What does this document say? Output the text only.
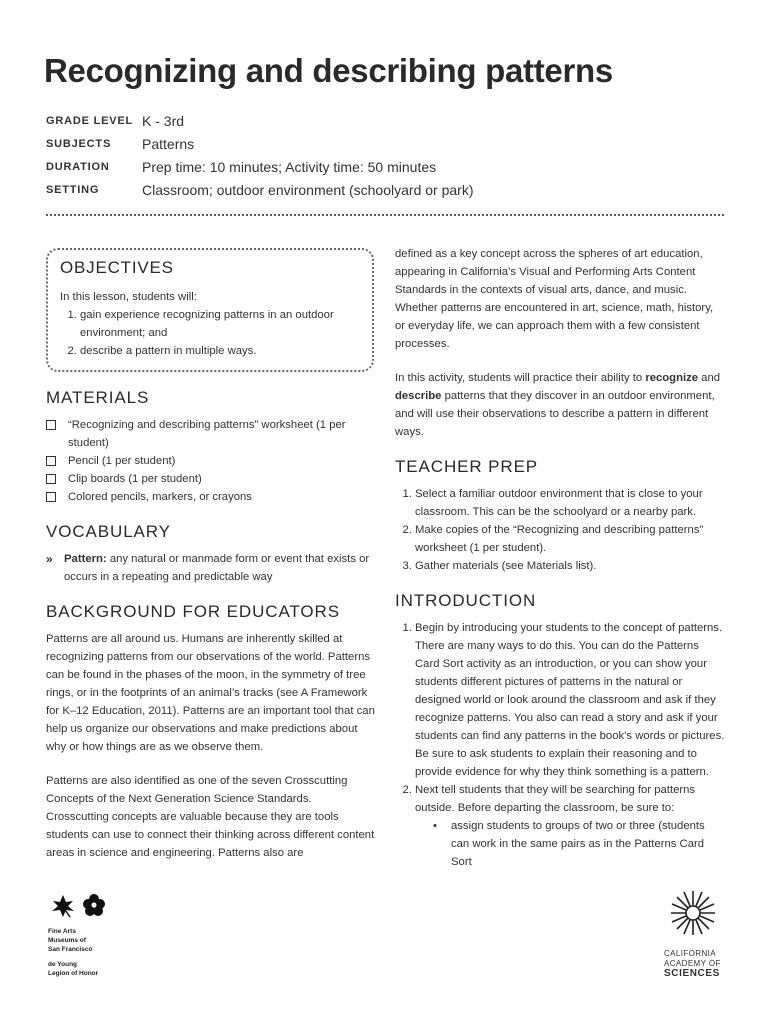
Recognizing and describing patterns
GRADE LEVEL K - 3rd
SUBJECTS	Patterns
DURATION	Prep time: 10 minutes; Activity time: 50 minutes
SETTING	Classroom; outdoor environment (schoolyard or park)
OBJECTIVES

In this lesson, students will:

1. gain experience recognizing patterns in an outdoor environment; and
2. describe a pattern in multiple ways.
MATERIALS
“Recognizing and describing patterns” worksheet (1 per student)
Pencil (1 per student)
Clip boards (1 per student)
Colored pencils, markers, or crayons
VOCABULARY
» Pattern: any natural or manmade form or event that exists or occurs in a repeating and predictable way
BACKGROUND FOR EDUCATORS

Patterns are all around us. Humans are inherently skilled at recognizing patterns from our observations of the world. Patterns can be found in the phases of the moon, in the symmetry of tree rings, or in the footprints of an animal’s tracks (see A Framework for K–12 Education, 2011). Patterns are an important tool that can help us organize our observations and make predictions about why or how things are as we observe them.

Patterns are also identified as one of the seven Crosscutting Concepts of the Next Generation Science Standards. Crosscutting concepts are valuable because they are tools students can use to connect their thinking across different content areas in science and engineering. Patterns also are

defined as a key concept across the spheres of art education, appearing in California’s Visual and Performing Arts Content Standards in the contexts of visual arts, dance, and music. Whether patterns are encountered in art, science, math, history, or everyday life, we can approach them with a few consistent processes.

In this activity, students will practice their ability to recognize and describe patterns that they discover in an outdoor environment, and will use their observations to describe a pattern in different ways.

TEACHER PREP
1. Select a familiar outdoor environment that is close to your classroom. This can be the schoolyard or a nearby park.
2. Make copies of the “Recognizing and describing patterns” worksheet (1 per student).
3. Gather materials (see Materials list).
INTRODUCTION
1. Begin by introducing your students to the concept of patterns. There are many ways to do this. You can do the Patterns Card Sort activity as an introduction, or you can show your students different pictures of patterns in the natural or designed world or look around the classroom and ask if they recognize patterns. You also can read a story and ask if your students can find any patterns in the book’s words or pictures. Be sure to ask students to explain their reasoning and to provide evidence for why they think something is a pattern.
2. Next tell students that they will be searching for patterns outside. Before departing the classroom, be sure to:
• assign students to groups of two or three (students can work in the same pairs as in the Patterns Card Sort

Fine Arts

Museums of

San Francisco

de Young

Legion of Honor

CALIFORNIA

ACADEMY OF

SCIENCES
